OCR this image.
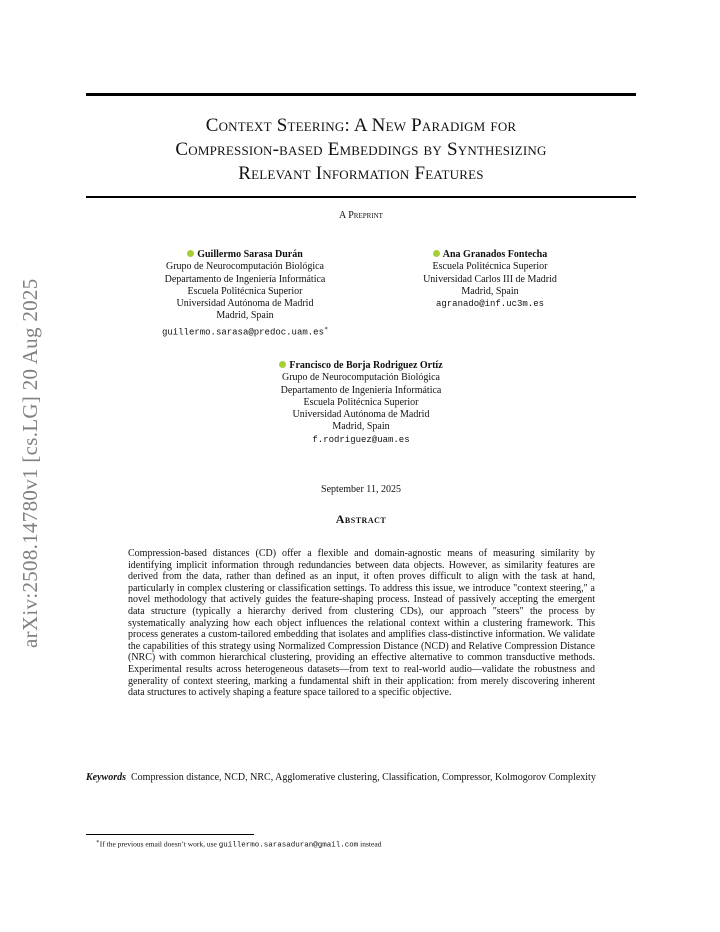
arXiv:2508.14780v1 [cs.LG] 20 Aug 2025
Context Steering: A New Paradigm for
Compression-based Embeddings by Synthesizing
Relevant Information Features
A Preprint
Guillermo Sarasa Durán
Grupo de Neurocomputación Biológica
Departamento de Ingeniería Informática
Escuela Politécnica Superior
Universidad Autónoma de Madrid
Madrid, Spain
guillermo.sarasa@predoc.uam.es∗
Ana Granados Fontecha
Escuela Politécnica Superior
Universidad Carlos III de Madrid
Madrid, Spain
agranado@inf.uc3m.es
Francisco de Borja Rodriguez Ortíz
Grupo de Neurocomputación Biológica
Departamento de Ingeniería Informática
Escuela Politécnica Superior
Universidad Autónoma de Madrid
Madrid, Spain
f.rodriguez@uam.es
September 11, 2025
Abstract
Compression-based distances (CD) offer a flexible and domain-agnostic means of measuring similarity by identifying implicit information through redundancies between data objects. However, as similarity features are derived from the data, rather than defined as an input, it often proves difficult to align with the task at hand, particularly in complex clustering or classification settings. To address this issue, we introduce "context steering," a novel methodology that actively guides the feature-shaping process. Instead of passively accepting the emergent data structure (typically a hierarchy derived from clustering CDs), our approach "steers" the process by systematically analyzing how each object influences the relational context within a clustering framework. This process generates a custom-tailored embedding that isolates and amplifies class-distinctive information. We validate the capabilities of this strategy using Normalized Compression Distance (NCD) and Relative Compression Distance (NRC) with common hierarchical clustering, providing an effective alternative to common transductive methods. Experimental results across heterogeneous datasets—from text to real-world audio—validate the robustness and generality of context steering, marking a fundamental shift in their application: from merely discovering inherent data structures to actively shaping a feature space tailored to a specific objective.
Keywords Compression distance, NCD, NRC, Agglomerative clustering, Classification, Compressor, Kolmogorov Complexity
∗If the previous email doesn’t work, use guillermo.sarasaduran@gmail.com instead
